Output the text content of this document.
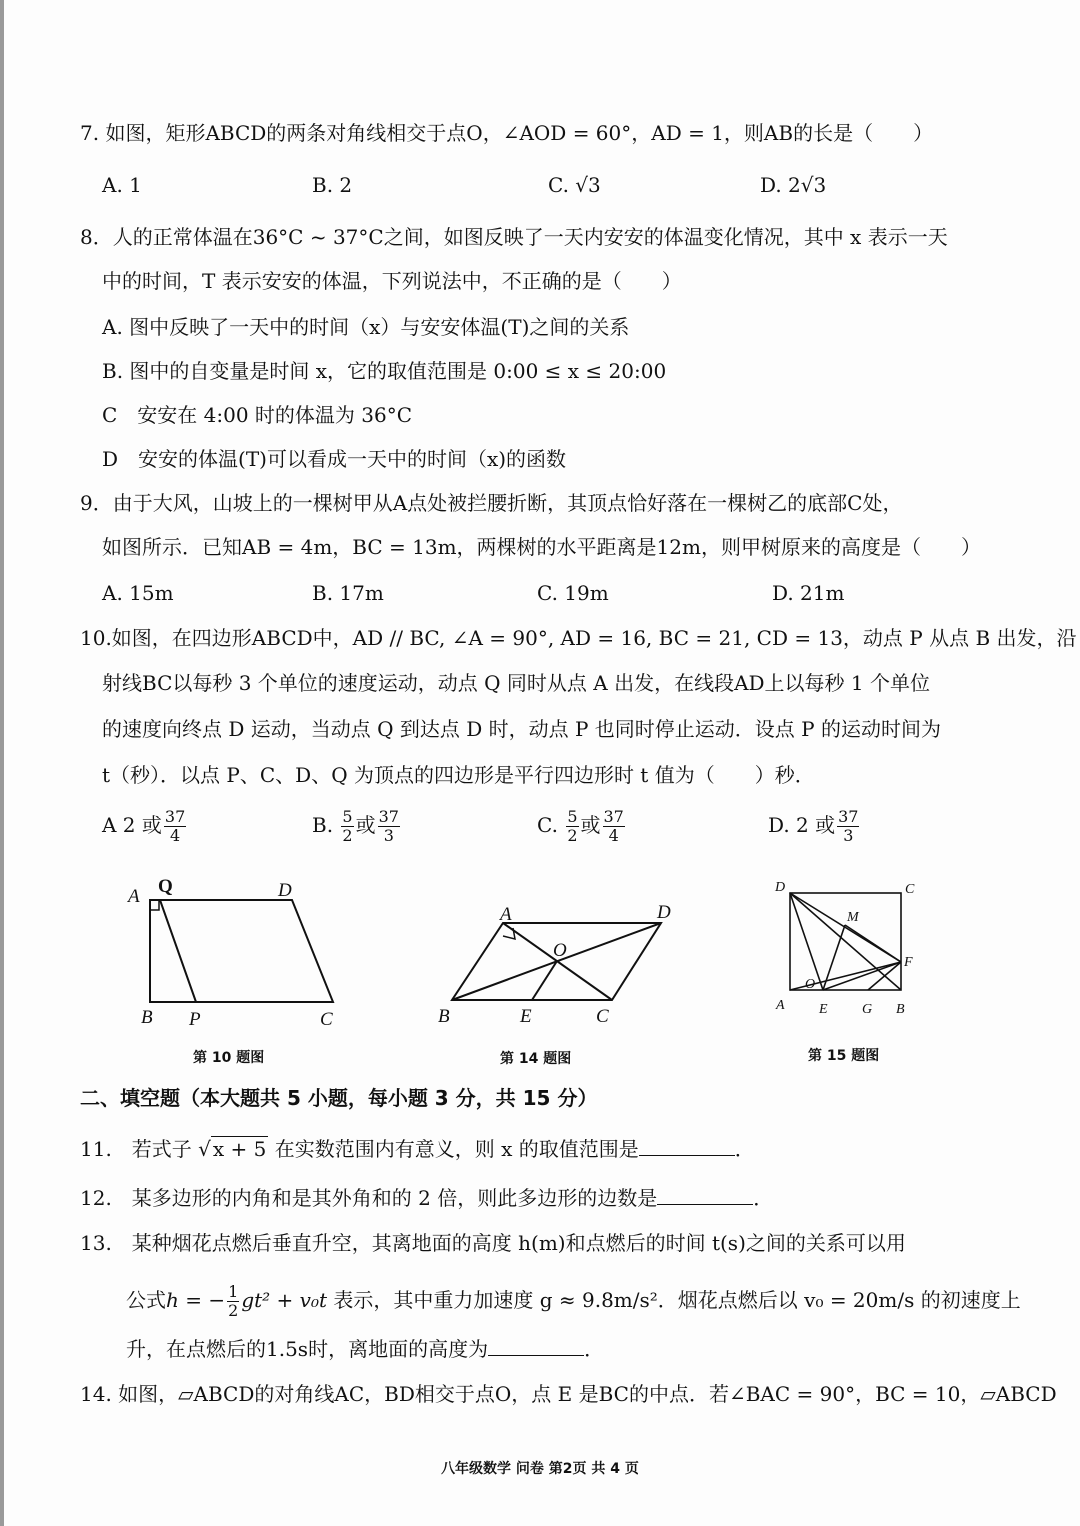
7. 如图，矩形ABCD的两条对角线相交于点O，∠AOD = 60°，AD = 1，则AB的长是（　　）
A. 1	B. 2	C. √3	D. 2√3
8．人的正常体温在36°C ~ 37°C之间，如图反映了一天内安安的体温变化情况，其中 x 表示一天
中的时间，T 表示安安的体温，下列说法中，不正确的是（　　）
A. 图中反映了一天中的时间（x）与安安体温(T)之间的关系
B. 图中的自变量是时间 x，它的取值范围是 0:00 ≤ x ≤ 20:00
C　安安在 4:00 时的体温为 36°C
D　安安的体温(T)可以看成一天中的时间（x)的函数
9．由于大风，山坡上的一棵树甲从A点处被拦腰折断，其顶点恰好落在一棵树乙的底部C处，
如图所示．已知AB = 4m，BC = 13m，两棵树的水平距离是12m，则甲树原来的高度是（　　）
A. 15m	B. 17m	C. 19m	D. 21m
10.如图，在四边形ABCD中，AD // BC, ∠A = 90°, AD = 16, BC = 21, CD = 13，动点 P 从点 B 出发，沿
射线BC以每秒 3 个单位的速度运动，动点 Q 同时从点 A 出发，在线段AD上以每秒 1 个单位
的速度向终点 D 运动，当动点 Q 到达点 D 时，动点 P 也同时停止运动．设点 P 的运动时间为
t（秒）．以点 P、C、D、Q 为顶点的四边形是平行四边形时 t 值为（　　）秒．
A 2 或 $\frac{37}{4}$	B. $\frac{5}{2}$ 或 $\frac{37}{3}$	C. $\frac{5}{2}$ 或 $\frac{37}{4}$	D. 2 或 $\frac{37}{3}$
A Q	D
B P	C
A	D
O
B	E	C
D	C
M
F
O
A E G B
第 10 题图	第 14 题图	第 15 题图
二、填空题（本大题共 5 小题，每小题 3 分，共 15 分）
11.　若式子 √ x + 5 在实数范围内有意义，则 x 的取值范围是	．
12.　某多边形的内角和是其外角和的 2 倍，则此多边形的边数是	．
13.　某种烟花点燃后垂直升空，其离地面的高度 h(m)和点燃后的时间 t(s)之间的关系可以用
公式h = − $\frac{1}{2} gt^2 + v_0t$ 表示，其中重力加速度 g ≈ 9.8m/s²．烟花点燃后以 v₀ = 20m/s 的初速度上
升，在点燃后的1.5s时，离地面的高度为	．
14. 如图，▱ABCD的对角线AC，BD相交于点O，点 E 是BC的中点．若∠BAC = 90°，BC = 10，▱ABCD
八年级数学 问卷 第2页 共 4 页
